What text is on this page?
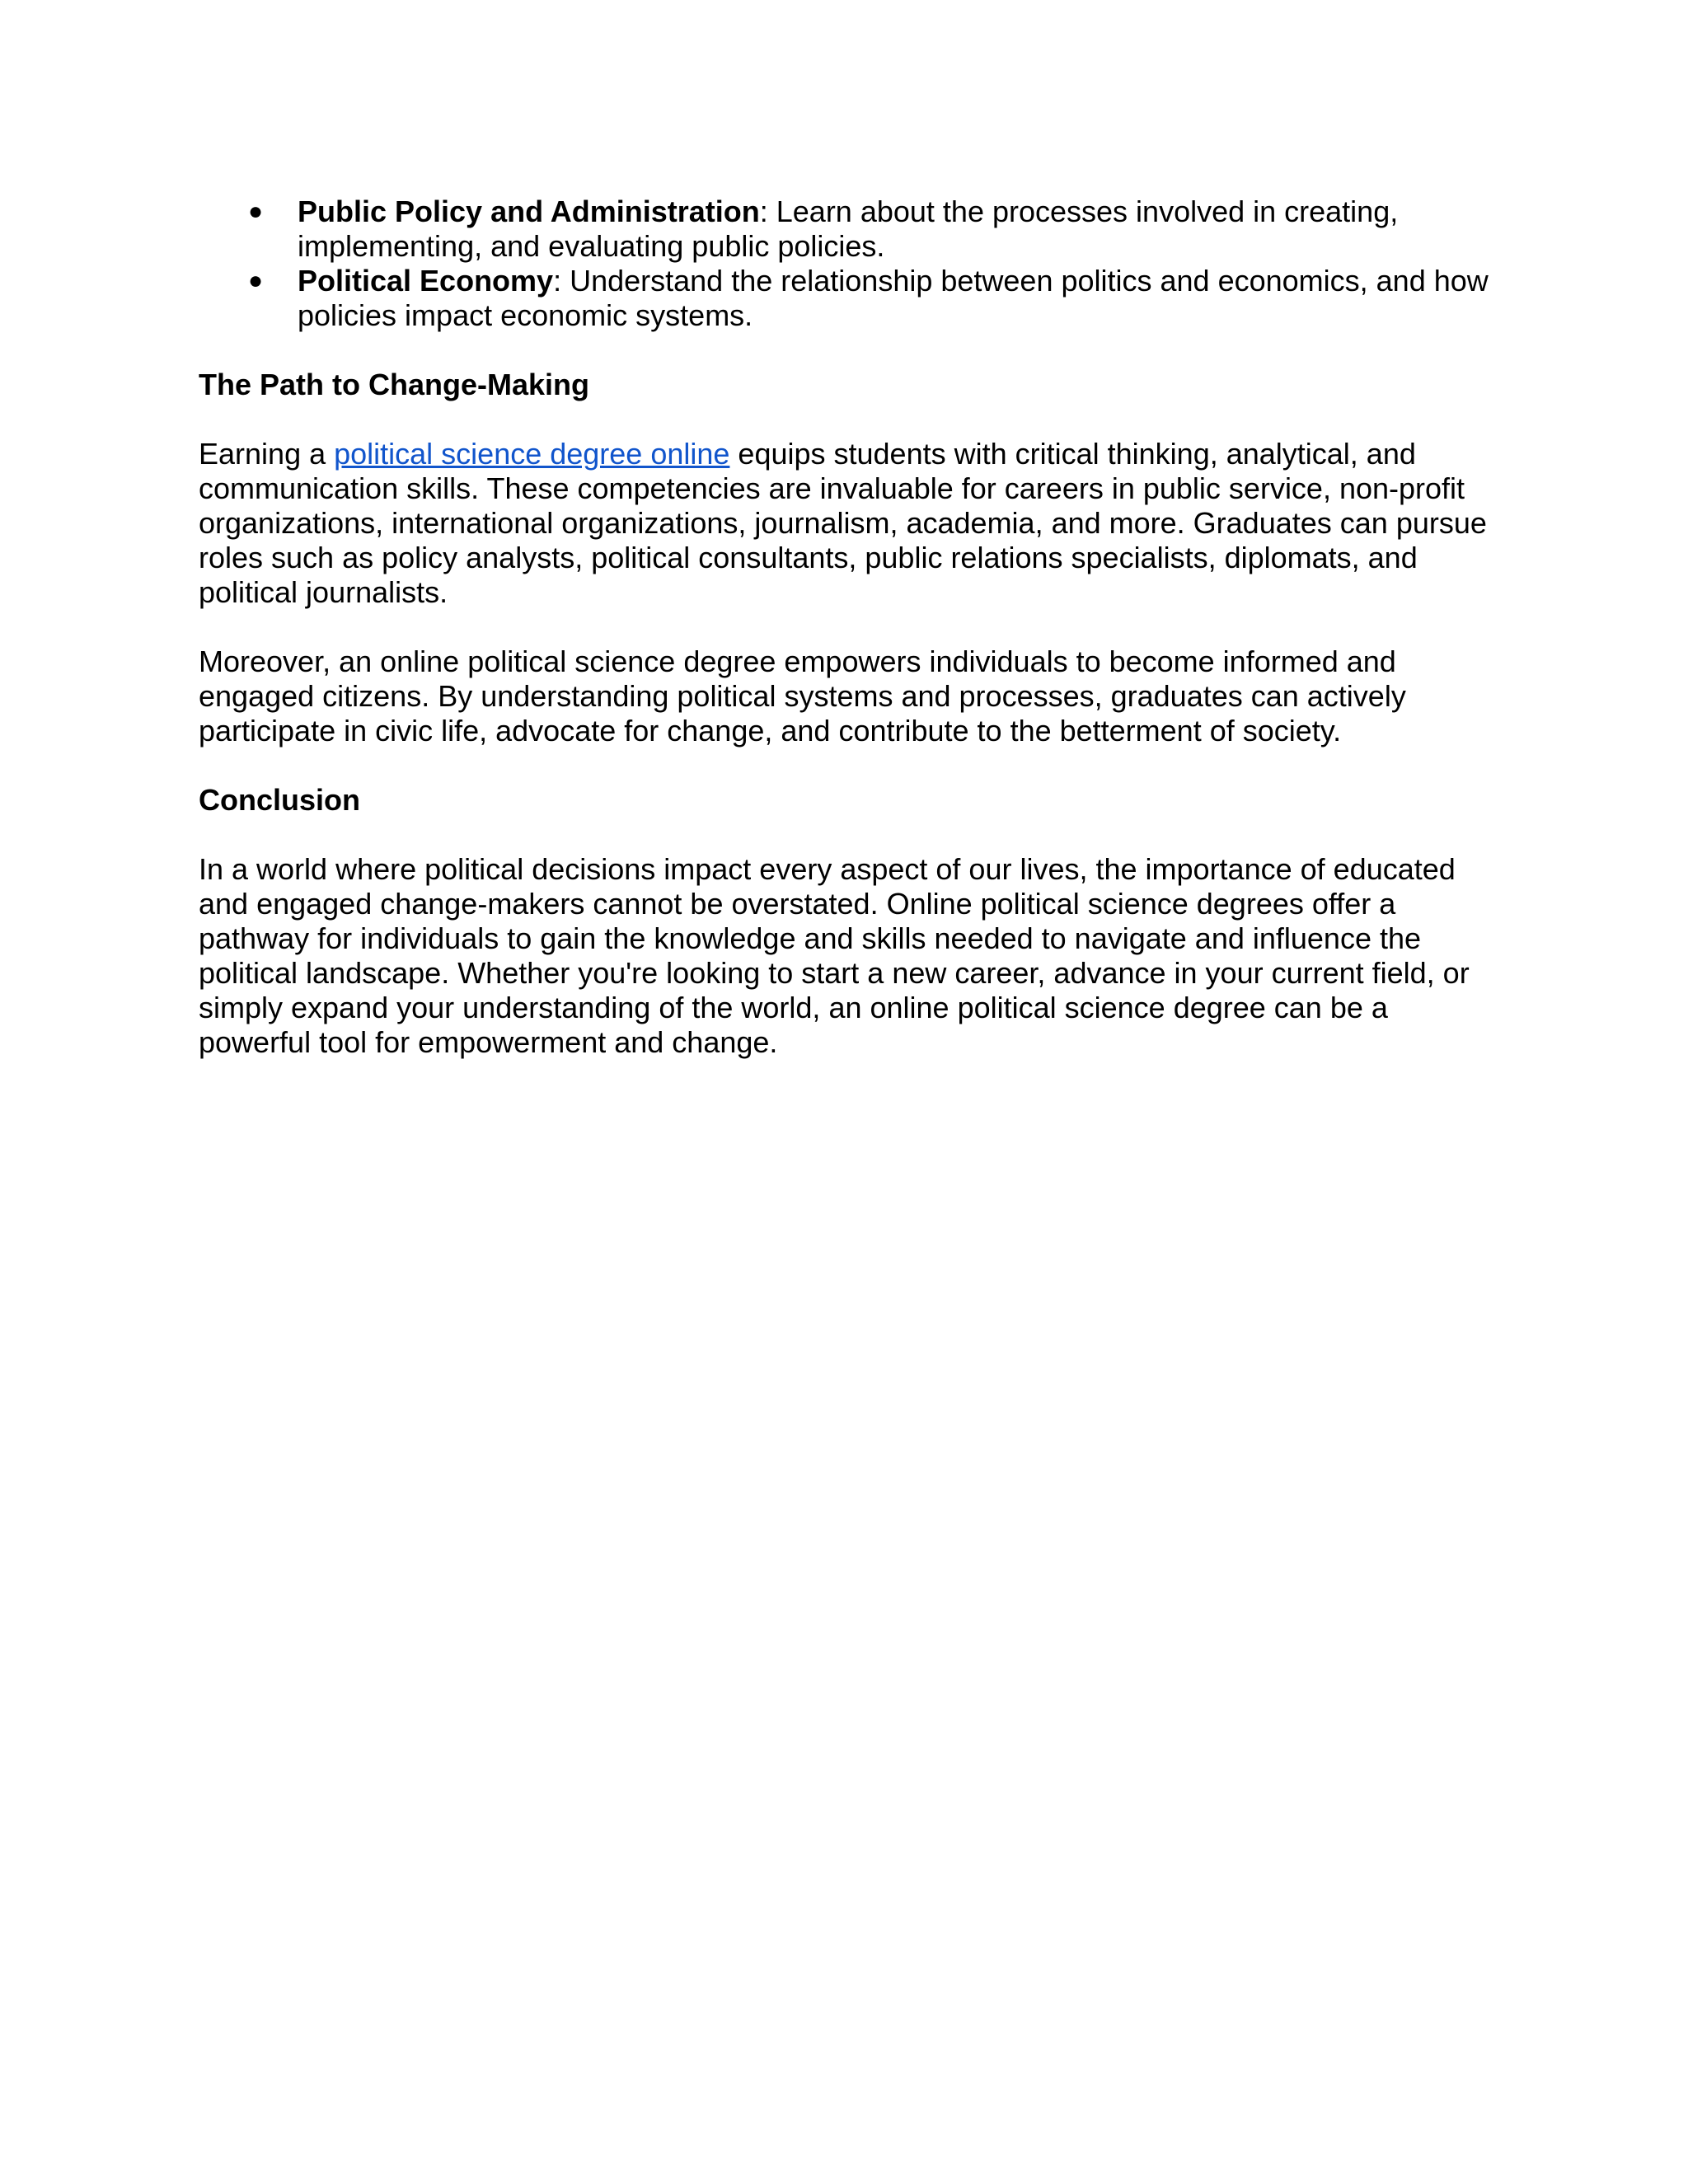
● Public Policy and Administration: Learn about the processes involved in creating, implementing, and evaluating public policies.
● Political Economy: Understand the relationship between politics and economics, and how policies impact economic systems.
The Path to Change-Making

Earning a political science degree online equips students with critical thinking, analytical, and communication skills. These competencies are invaluable for careers in public service, non-profit organizations, international organizations, journalism, academia, and more. Graduates can pursue roles such as policy analysts, political consultants, public relations specialists, diplomats, and political journalists.

Moreover, an online political science degree empowers individuals to become informed and engaged citizens. By understanding political systems and processes, graduates can actively participate in civic life, advocate for change, and contribute to the betterment of society.

Conclusion

In a world where political decisions impact every aspect of our lives, the importance of educated and engaged change-makers cannot be overstated. Online political science degrees offer a pathway for individuals to gain the knowledge and skills needed to navigate and influence the political landscape. Whether you're looking to start a new career, advance in your current field, or simply expand your understanding of the world, an online political science degree can be a powerful tool for empowerment and change.
